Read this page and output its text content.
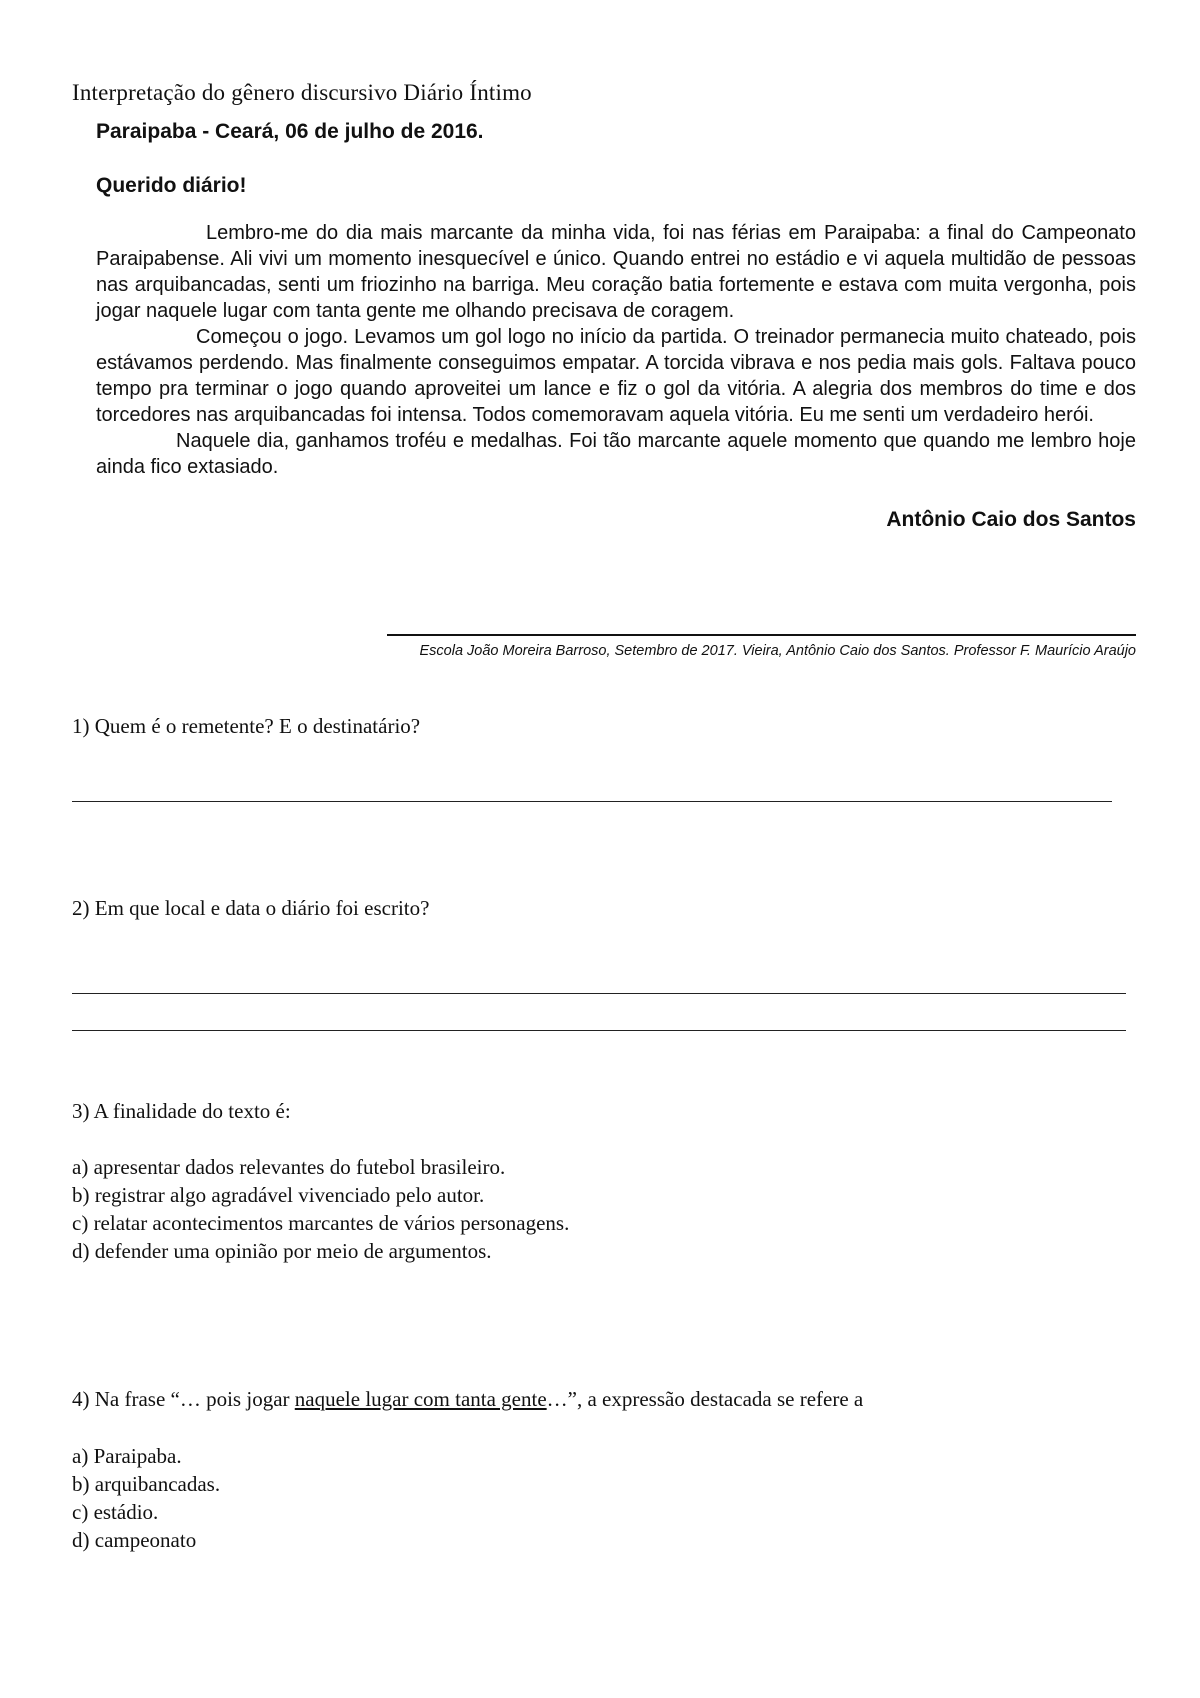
Interpretação do gênero discursivo Diário Íntimo

Paraipaba - Ceará, 06 de julho de 2016.

Querido diário!

Lembro-me do dia mais marcante da minha vida, foi nas férias em Paraipaba: a final do Campeonato Paraipabense. Ali vivi um momento inesquecível e único. Quando entrei no estádio e vi aquela multidão de pessoas nas arquibancadas, senti um friozinho na barriga. Meu coração batia fortemente e estava com muita vergonha, pois jogar naquele lugar com tanta gente me olhando precisava de coragem.

Começou o jogo. Levamos um gol logo no início da partida. O treinador permanecia muito chateado, pois estávamos perdendo. Mas finalmente conseguimos empatar. A torcida vibrava e nos pedia mais gols. Faltava pouco tempo pra terminar o jogo quando aproveitei um lance e fiz o gol da vitória. A alegria dos membros do time e dos torcedores nas arquibancadas foi intensa. Todos comemoravam aquela vitória. Eu me senti um verdadeiro herói.

Naquele dia, ganhamos troféu e medalhas. Foi tão marcante aquele momento que quando me lembro hoje ainda fico extasiado.

Antônio Caio dos Santos
Escola João Moreira Barroso, Setembro de 2017. Vieira, Antônio Caio dos Santos. Professor F. Maurício Araújo
1) Quem é o remetente? E o destinatário?
2) Em que local e data o diário foi escrito?
3) A finalidade do texto é:
a) apresentar dados relevantes do futebol brasileiro.
b) registrar algo agradável vivenciado pelo autor.
c) relatar acontecimentos marcantes de vários personagens.
d) defender uma opinião por meio de argumentos.
4) Na frase “… pois jogar naquele lugar com tanta gente…”, a expressão destacada se refere a
a) Paraipaba.
b) arquibancadas.
c) estádio.
d) campeonato
